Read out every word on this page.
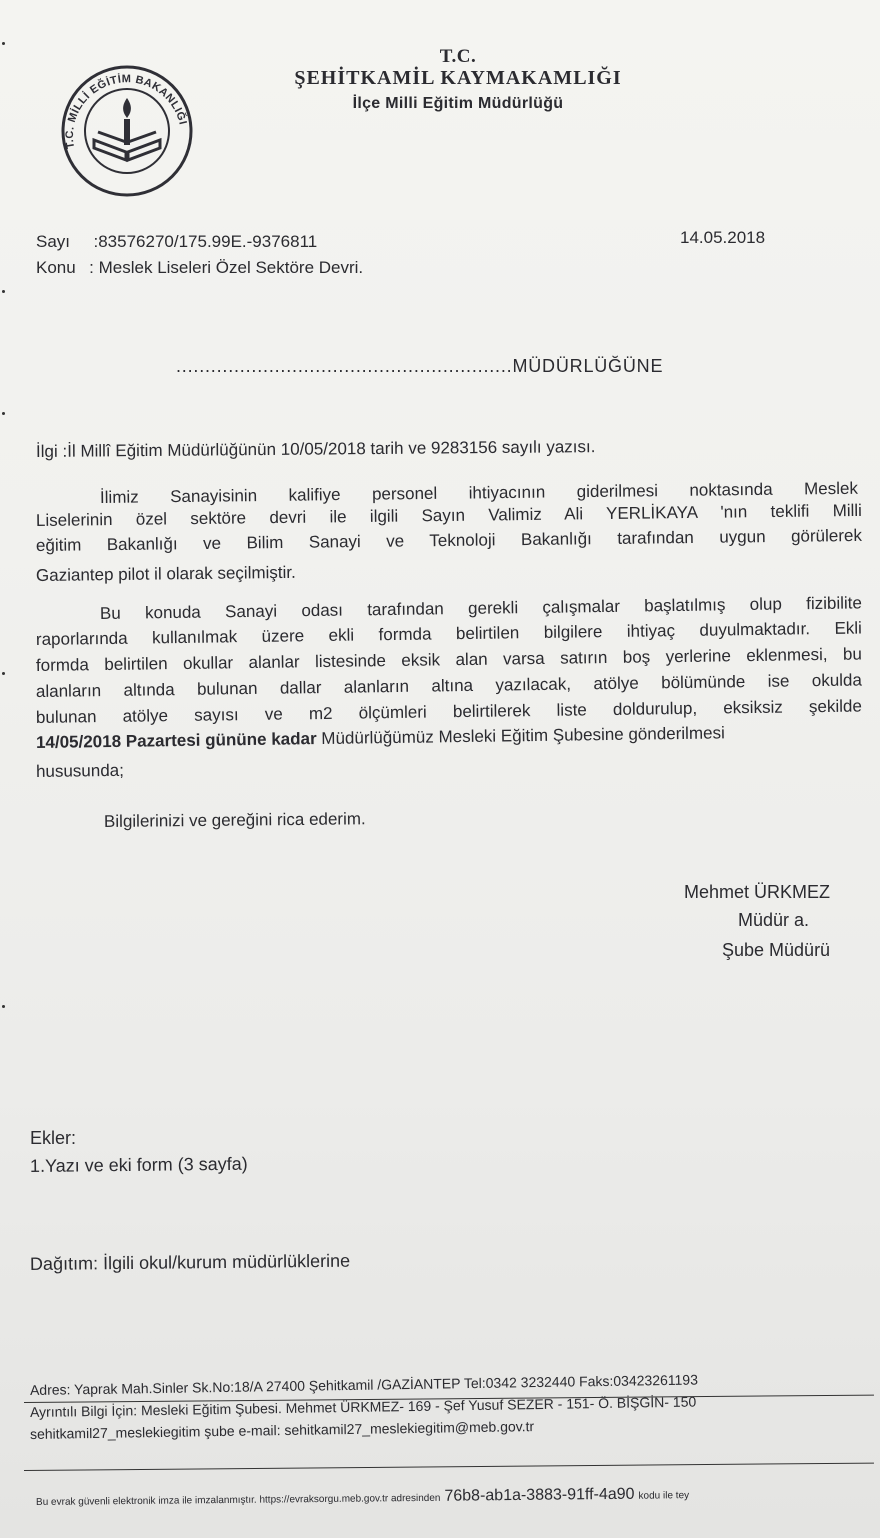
T.C. MİLLİ EĞİTİM BAKANLIĞI
T.C.
ŞEHİTKAMİL KAYMAKAMLIĞI
İlçe Milli Eğitim Müdürlüğü
Sayı :83576270/175.99E.-9376811
Konu : Meslek Liseleri Özel Sektöre Devri.
14.05.2018
..........................................................MÜDÜRLÜĞÜNE
İlgi :İl Millî Eğitim Müdürlüğünün 10/05/2018 tarih ve 9283156 sayılı yazısı.
İlimiz Sanayisinin kalifiye personel ihtiyacının giderilmesi noktasında Meslek
Liselerinin özel sektöre devri ile ilgili Sayın Valimiz Ali YERLİKAYA 'nın teklifi Milli
eğitim Bakanlığı ve Bilim Sanayi ve Teknoloji Bakanlığı tarafından uygun görülerek
Gaziantep pilot il olarak seçilmiştir.
Bu konuda Sanayi odası tarafından gerekli çalışmalar başlatılmış olup fizibilite
raporlarında kullanılmak üzere ekli formda belirtilen bilgilere ihtiyaç duyulmaktadır. Ekli
formda belirtilen okullar alanlar listesinde eksik alan varsa satırın boş yerlerine eklenmesi, bu
alanların altında bulunan dallar alanların altına yazılacak, atölye bölümünde ise okulda
bulunan atölye sayısı ve m2 ölçümleri belirtilerek liste doldurulup, eksiksiz şekilde
14/05/2018 Pazartesi gününe kadar Müdürlüğümüz Mesleki Eğitim Şubesine gönderilmesi
hususunda;
Bilgilerinizi ve gereğini rica ederim.
Mehmet ÜRKMEZ
Müdür a.
Şube Müdürü
Ekler:
1.Yazı ve eki form (3 sayfa)
Dağıtım: İlgili okul/kurum müdürlüklerine
Adres: Yaprak Mah.Sinler Sk.No:18/A 27400 Şehitkamil /GAZİANTEP Tel:0342 3232440 Faks:03423261193
Ayrıntılı Bilgi İçin: Mesleki Eğitim Şubesi. Mehmet ÜRKMEZ- 169 - Şef Yusuf SEZER - 151- Ö. BİŞGİN- 150
sehitkamil27_meslekiegitim şube e-mail: sehitkamil27_meslekiegitim@meb.gov.tr
Bu evrak güvenli elektronik imza ile imzalanmıştır. https://evraksorgu.meb.gov.tr adresinden 76b8-ab1a-3883-91ff-4a90 kodu ile tey
